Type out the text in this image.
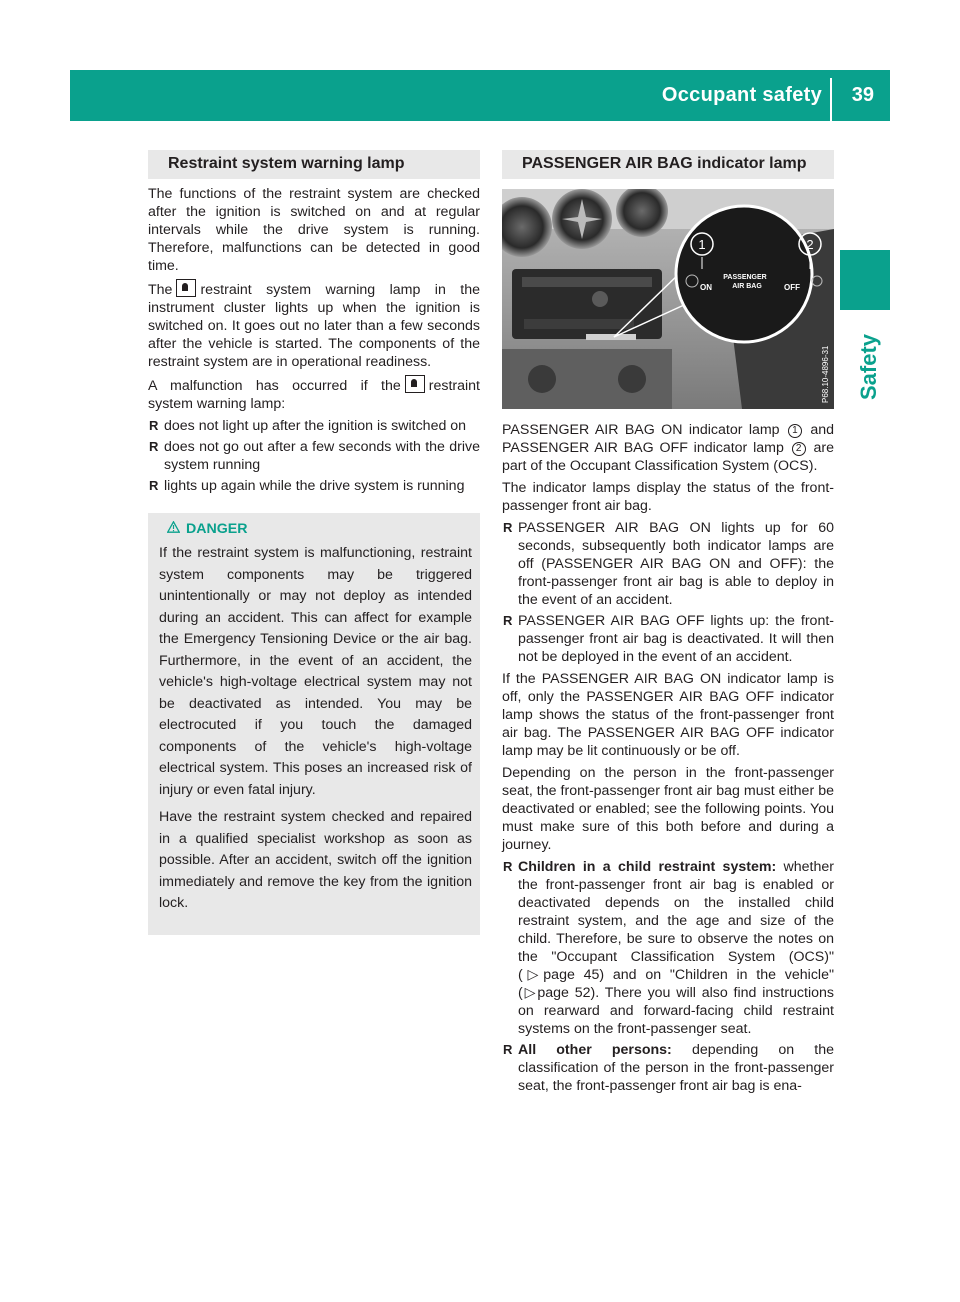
Occupant safety 39
Safety
Restraint system warning lamp

The functions of the restraint system are checked after the ignition is switched on and at regular intervals while the drive system is running. Therefore, malfunctions can be detected in good time.

The restraint system warning lamp in the instrument cluster lights up when the ignition is switched on. It goes out no later than a few seconds after the vehicle is started. The components of the restraint system are in operational readiness.

A malfunction has occurred if the restraint system warning lamp:

R does not light up after the ignition is switched on
R does not go out after a few seconds with the drive system running
R lights up again while the drive system is running
DANGER

If the restraint system is malfunctioning, restraint system components may be triggered unintentionally or may not deploy as intended during an accident. This can affect for example the Emergency Tensioning Device or the air bag. Furthermore, in the event of an accident, the vehicle's high-voltage electrical system may not be deactivated as intended. You may be electrocuted if you touch the damaged components of the vehicle's high-voltage electrical system. This poses an increased risk of injury or even fatal injury.

Have the restraint system checked and repaired in a qualified specialist workshop as soon as possible. After an accident, switch off the ignition immediately and remove the key from the ignition lock.

PASSENGER AIR BAG indicator lamp
1	2
ON
PASSENGER
AIR BAG	OFF
P68.10-4896-31

PASSENGER AIR BAG ON indicator lamp 1 and PASSENGER AIR BAG OFF indicator lamp 2 are part of the Occupant Classification System (OCS).

The indicator lamps display the status of the front-passenger front air bag.

R PASSENGER AIR BAG ON lights up for 60 seconds, subsequently both indicator lamps are off (PASSENGER AIR BAG ON and OFF): the front-passenger front air bag is able to deploy in the event of an accident.
R PASSENGER AIR BAG OFF lights up: the front-passenger front air bag is deactivated. It will then not be deployed in the event of an accident.

If the PASSENGER AIR BAG ON indicator lamp is off, only the PASSENGER AIR BAG OFF indicator lamp shows the status of the front-passenger front air bag. The PASSENGER AIR BAG OFF indicator lamp may be lit continuously or be off.

Depending on the person in the front-passenger seat, the front-passenger front air bag must either be deactivated or enabled; see the following points. You must make sure of this both before and during a journey.

R Children in a child restraint system: whether the front-passenger front air bag is enabled or deactivated depends on the installed child restraint system, and the age and size of the child. Therefore, be sure to observe the notes on the "Occupant Classification System (OCS)" (▷page 45) and on "Children in the vehicle" (▷page 52). There you will also find instructions on rearward and forward-facing child restraint systems on the front-passenger seat.
R All other persons: depending on the classification of the person in the front-passenger seat, the front-passenger front air bag is ena-
